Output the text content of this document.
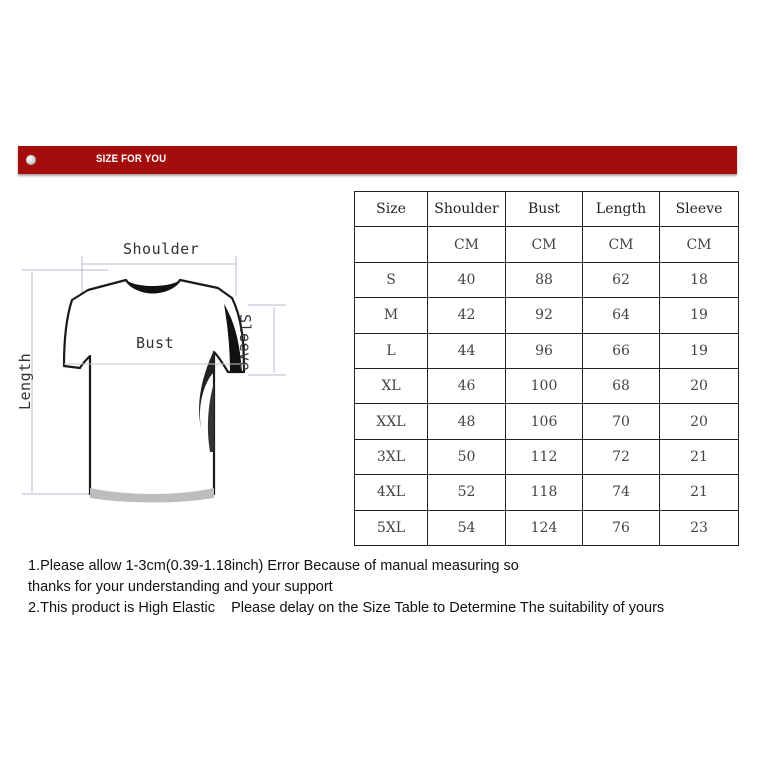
SIZE FOR YOU
Shoulder
Bust	Sleeve
Length
Size	Shoulder	Bust	Length	Sleeve
	CM	CM	CM	CM
S	40	88	62	18
M	42	92	64	19
L	44	96	66	19
XL	46	100	68	20
XXL	48	106	70	20
3XL	50	112	72	21
4XL	52	118	74	21
5XL	54	124	76	23
1.Please allow 1-3cm(0.39-1.18inch) Error Because of manual measuring so
thanks for your understanding and your support
2.This product is High Elastic    Please delay on the Size Table to Determine The suitability of yours
